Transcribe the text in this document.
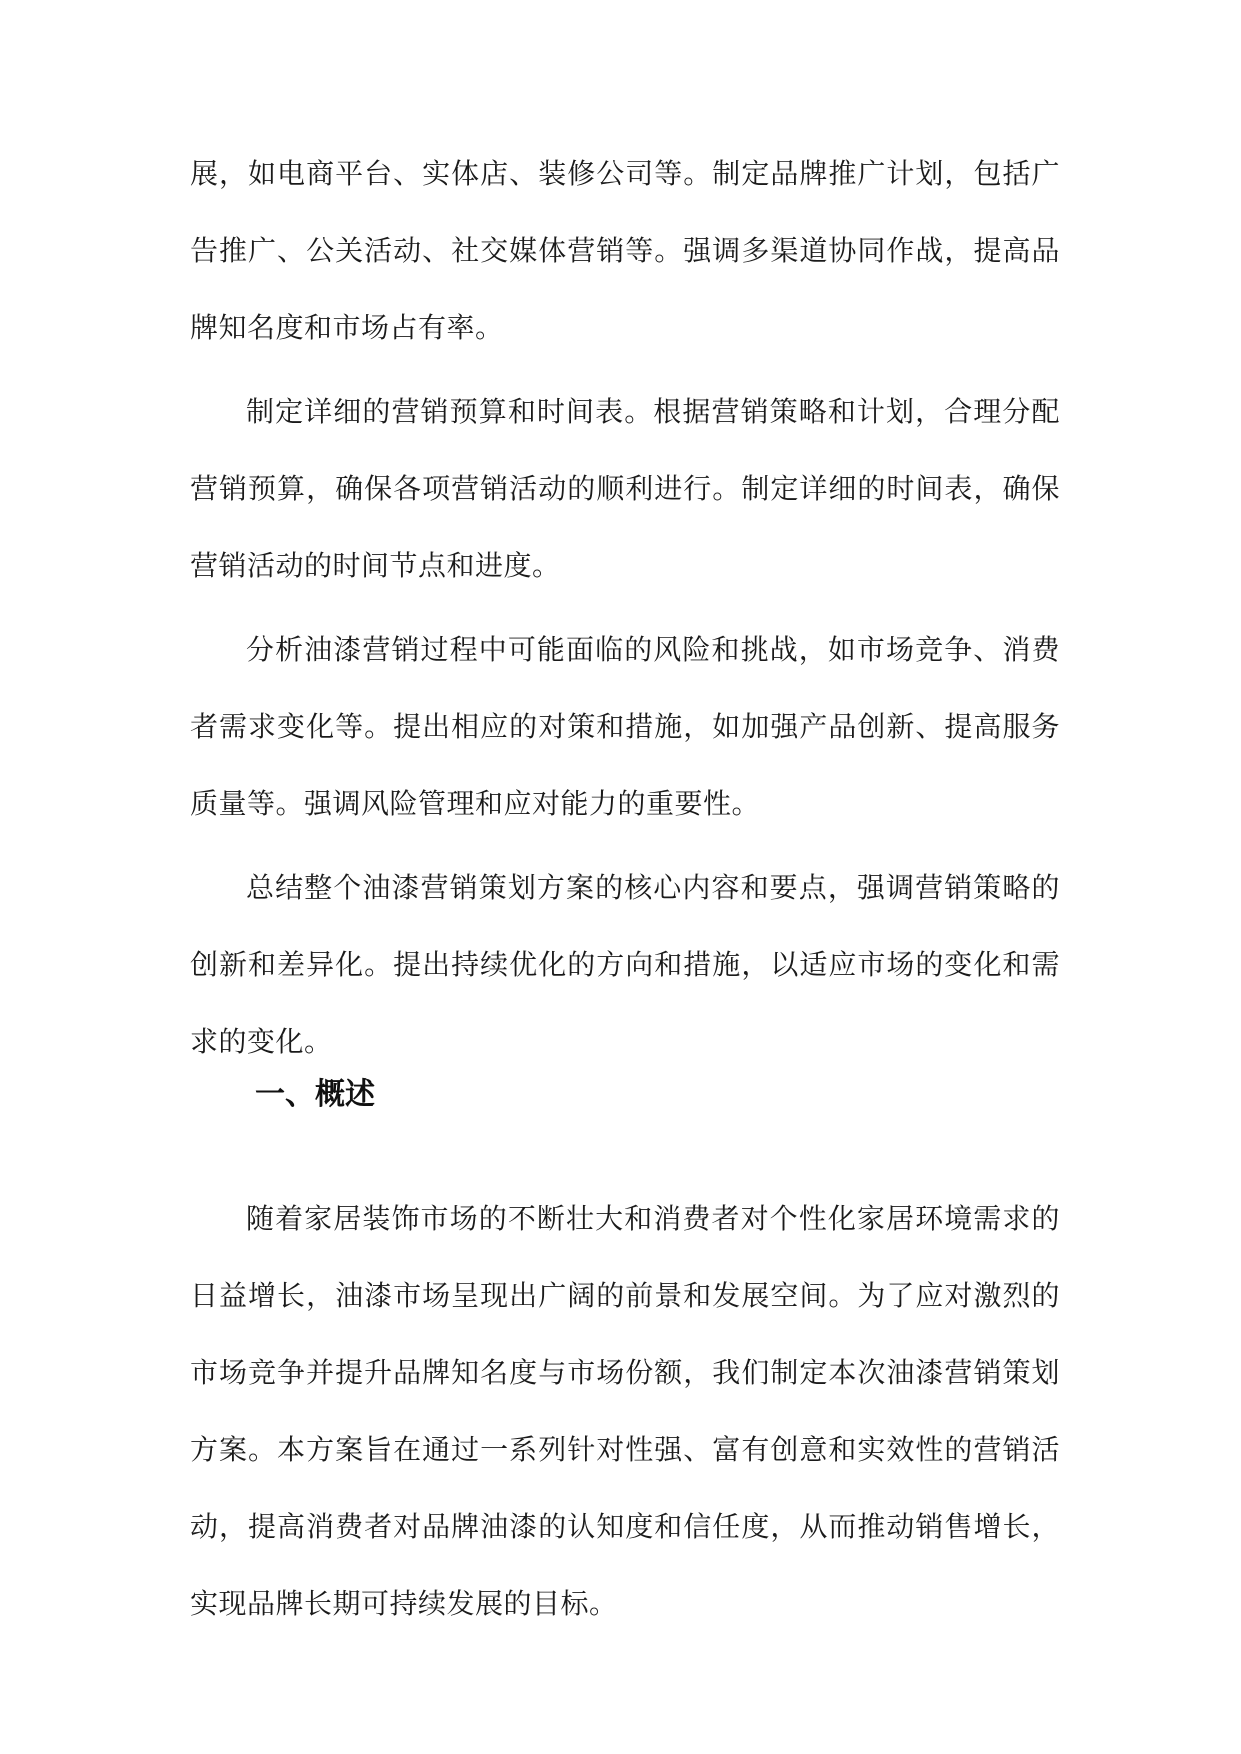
展，如电商平台、实体店、装修公司等。制定品牌推广计划，包括广告推广、公关活动、社交媒体营销等。强调多渠道协同作战，提高品牌知名度和市场占有率。

制定详细的营销预算和时间表。根据营销策略和计划，合理分配营销预算，确保各项营销活动的顺利进行。制定详细的时间表，确保营销活动的时间节点和进度。

分析油漆营销过程中可能面临的风险和挑战，如市场竞争、消费者需求变化等。提出相应的对策和措施，如加强产品创新、提高服务质量等。强调风险管理和应对能力的重要性。

总结整个油漆营销策划方案的核心内容和要点，强调营销策略的创新和差异化。提出持续优化的方向和措施，以适应市场的变化和需求的变化。

一、概述

随着家居装饰市场的不断壮大和消费者对个性化家居环境需求的日益增长，油漆市场呈现出广阔的前景和发展空间。为了应对激烈的市场竞争并提升品牌知名度与市场份额，我们制定本次油漆营销策划方案。本方案旨在通过一系列针对性强、富有创意和实效性的营销活动，提高消费者对品牌油漆的认知度和信任度，从而推动销售增长，实现品牌长期可持续发展的目标。
